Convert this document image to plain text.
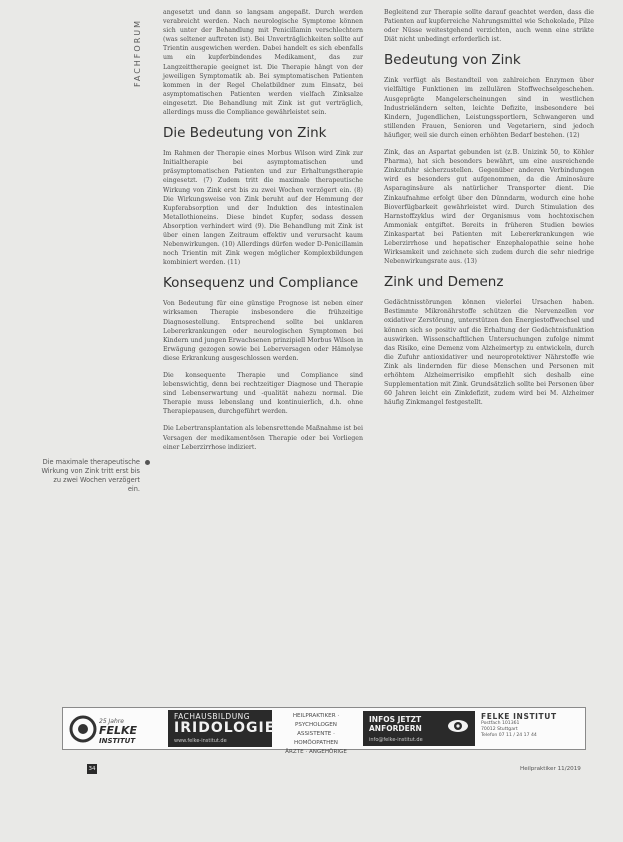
FACHFORUM
Die maximale therapeutische Wirkung von Zink tritt erst bis zu zwei Wochen verzögert ein.

angesetzt und dann so langsam angepaßt. Durch werden verabreicht werden. Nach neurologische Symptome können sich unter der Behandlung mit Penicillamin verschlechtern (was seltener auftreten ist). Bei Unverträglichkeiten sollte auf Trientin ausgewichen werden. Dabei handelt es sich ebenfalls um ein kupferbindendes Medikament, das zur Langzeittherapie geeignet ist. Die Therapie hängt von der jeweiligen Symptomatik ab. Bei symptomatischen Patienten kommen in der Regel Chelatbildner zum Einsatz, bei asymptomatischen Patienten werden vielfach Zinksalze eingesetzt. Die Behandlung mit Zink ist gut verträglich, allerdings muss die Compliance gewährleistet sein.

Die Bedeutung von Zink

Im Rahmen der Therapie eines Morbus Wilson wird Zink zur Initialtherapie bei asymptomatischen und präsymptomatischen Patienten und zur Erhaltungstherapie eingesetzt. (7) Zudem tritt die maximale therapeutische Wirkung von Zink erst bis zu zwei Wochen verzögert ein. (8) Die Wirkungsweise von Zink beruht auf der Hemmung der Kupferabsorption und der Induktion des intestinalen Metallothioneins. Diese bindet Kupfer, sodass dessen Absorption verhindert wird (9). Die Behandlung mit Zink ist über einen langen Zeitraum effektiv und verursacht kaum Nebenwirkungen. (10) Allerdings dürfen weder D-Penicillamin noch Trientin mit Zink wegen möglicher Komplexbildungen kombiniert werden. (11)

Konsequenz und Compliance

Von Bedeutung für eine günstige Prognose ist neben einer wirksamen Therapie insbesondere die frühzeitige Diagnosestellung. Entsprechend sollte bei unklaren Lebererkrankungen oder neurologischen Symptomen bei Kindern und jungen Erwachsenen prinzipiell Morbus Wilson in Erwägung gezogen sowie bei Leberversagen oder Hämolyse diese Erkrankung ausgeschlossen werden.

Die konsequente Therapie und Compliance sind lebenswichtig, denn bei rechtzeitiger Diagnose und Therapie sind Lebenserwartung und -qualität nahezu normal. Die Therapie muss lebenslang und kontinuierlich, d.h. ohne Therapiepausen, durchgeführt werden.

Die Lebertransplantation als lebensrettende Maßnahme ist bei Versagen der medikamentösen Therapie oder bei Vorliegen einer Leberzirrhose indiziert.

Begleitend zur Therapie sollte darauf geachtet werden, dass die Patienten auf kupferreiche Nahrungsmittel wie Schokolade, Pilze oder Nüsse weitestgehend verzichten, auch wenn eine strikte Diät nicht unbedingt erforderlich ist.

Bedeutung von Zink

Zink verfügt als Bestandteil von zahlreichen Enzymen über vielfältige Funktionen im zellulären Stoffwechselgeschehen. Ausgeprägte Mangelerscheinungen sind in westlichen Industrieländern selten, leichte Defizite, insbesondere bei Kindern, Jugendlichen, Leistungssportlern, Schwangeren und stillenden Frauen, Senioren und Vegetariern, sind jedoch häufiger, weil sie durch einen erhöhten Bedarf bestehen. (12)

Zink, das an Aspartat gebunden ist (z.B. Unizink 50, to Köhler Pharma), hat sich besonders bewährt, um eine ausreichende Zinkzufuhr sicherzustellen. Gegenüber anderen Verbindungen wird es besonders gut aufgenommen, da die Aminosäure Asparaginsäure als natürlicher Transporter dient. Die Zinkaufnahme erfolgt über den Dünndarm, wodurch eine hohe Bioverfügbarkeit gewährleistet wird. Durch Stimulation des Harnstoffzyklus wird der Organismus vom hochtoxischen Ammoniak entgiftet. Bereits in früheren Studien bewies Zinkaspartat bei Patienten mit Lebererkrankungen wie Leberzirrhose und hepatischer Enzephalopathie seine hohe Wirksamkeit und zeichnete sich zudem durch die sehr niedrige Nebenwirkungsrate aus. (13)

Zink und Demenz

Gedächtnisstörungen können vielerlei Ursachen haben. Bestimmte Mikronährstoffe schützen die Nervenzellen vor oxidativer Zerstörung, unterstützen den Energiestoffwechsel und können sich so positiv auf die Erhaltung der Gedächtnisfunktion auswirken. Wissenschaftlichen Untersuchungen zufolge nimmt das Risiko, eine Demenz vom Alzheimertyp zu entwickeln, durch die Zufuhr antioxidativer und neuroprotektiver Nährstoffe wie Zink als lindernden für diese Menschen und Personen mit erhöhtem Alzheimerrisiko empfiehlt sich deshalb eine Supplementation mit Zink. Grundsätzlich sollte bei Personen über 60 Jahren leicht ein Zinkdefizit, zudem wird bei M. Alzheimer häufig Zinkmangel festgestellt.

25 Jahre
FELKE
INSTITUT
FACHAUSBILDUNG
IRIDOLOGIE
www.felke-institut.de
HEILPRAKTIKER · PSYCHOLOGEN
ASSISTENTE · HOMÖOPATHEN
ÄRZTE · ANGEHÖRIGE
INFOS JETZT
ANFORDERN
info@felke-institut.de
FELKE INSTITUT
Postfach 101361
70012 Stuttgart
Telefon 07 11 / 24 17 44
34	Heilpraktiker 11/2019
